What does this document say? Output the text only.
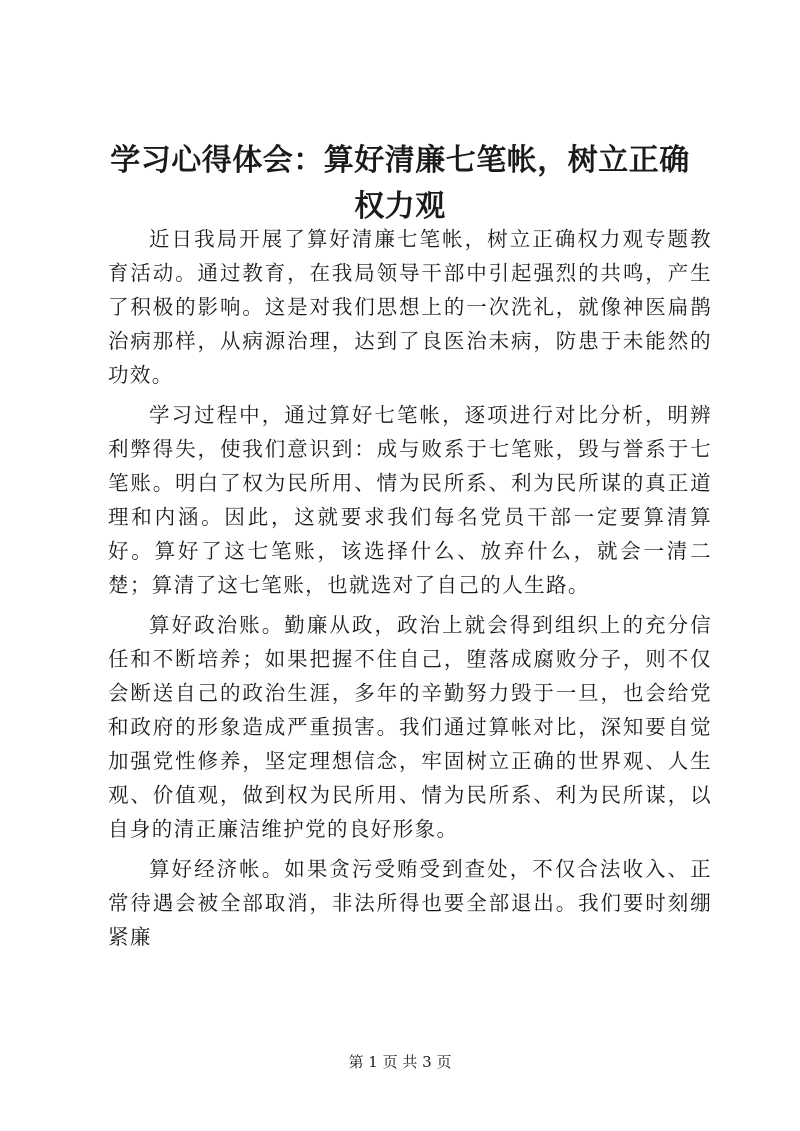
学习心得体会：算好清廉七笔帐，树立正确权力观

近日我局开展了算好清廉七笔帐，树立正确权力观专题教育活动。通过教育，在我局领导干部中引起强烈的共鸣，产生了积极的影响。这是对我们思想上的一次洗礼，就像神医扁鹊治病那样，从病源治理，达到了良医治未病，防患于未能然的功效。

学习过程中，通过算好七笔帐，逐项进行对比分析，明辨利弊得失，使我们意识到：成与败系于七笔账，毁与誉系于七笔账。明白了权为民所用、情为民所系、利为民所谋的真正道理和内涵。因此，这就要求我们每名党员干部一定要算清算好。算好了这七笔账，该选择什么、放弃什么，就会一清二楚；算清了这七笔账，也就选对了自己的人生路。

算好政治账。勤廉从政，政治上就会得到组织上的充分信任和不断培养；如果把握不住自己，堕落成腐败分子，则不仅会断送自己的政治生涯，多年的辛勤努力毁于一旦，也会给党和政府的形象造成严重损害。我们通过算帐对比，深知要自觉加强党性修养，坚定理想信念，牢固树立正确的世界观、人生观、价值观，做到权为民所用、情为民所系、利为民所谋，以自身的清正廉洁维护党的良好形象。

算好经济帐。如果贪污受贿受到查处，不仅合法收入、正常待遇会被全部取消，非法所得也要全部退出。我们要时刻绷紧廉

第 1 页 共 3 页
